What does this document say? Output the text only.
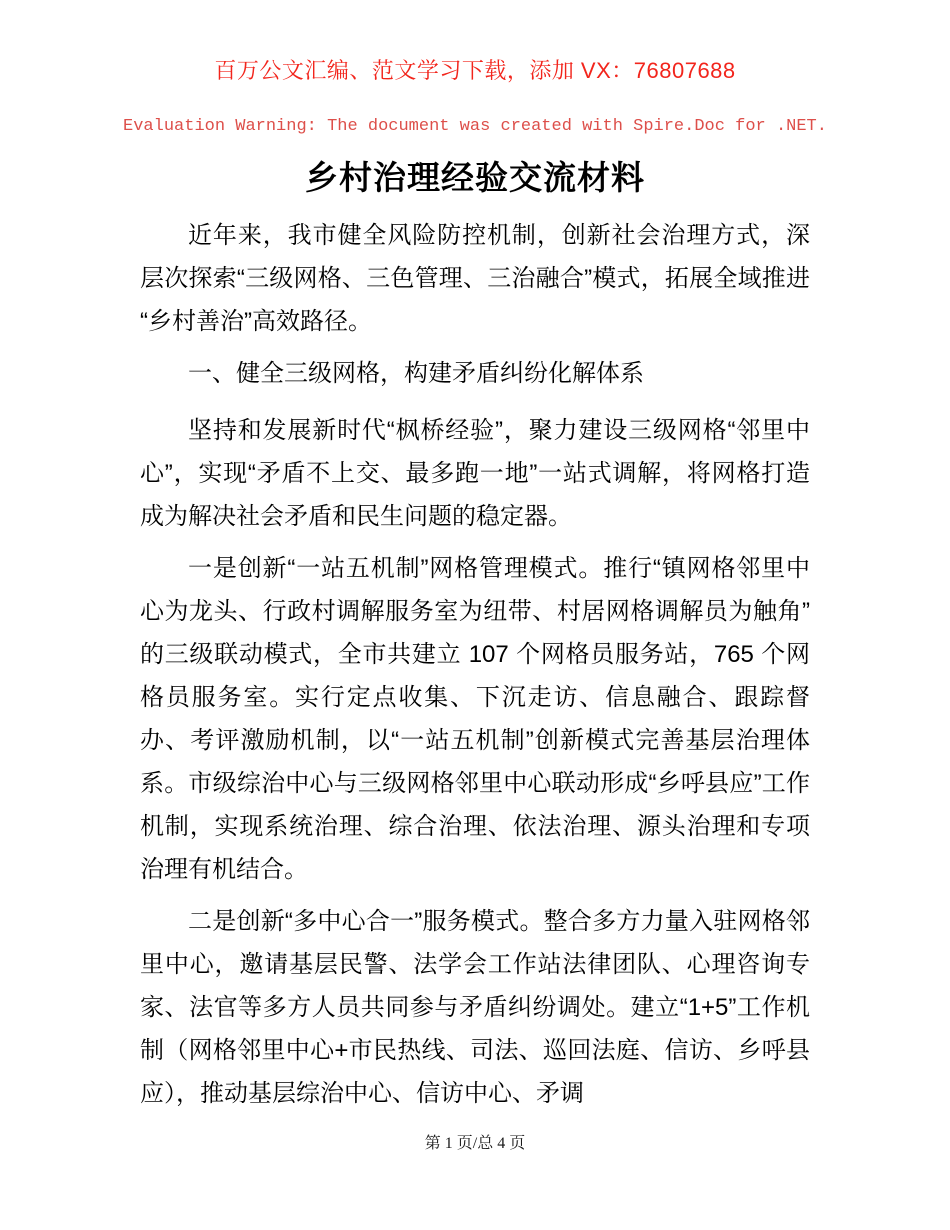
百万公文汇编、范文学习下载，添加 VX：76807688
Evaluation Warning: The document was created with Spire.Doc for .NET.
乡村治理经验交流材料

近年来，我市健全风险防控机制，创新社会治理方式，深层次探索“三级网格、三色管理、三治融合”模式，拓展全域推进“乡村善治”高效路径。

一、健全三级网格，构建矛盾纠纷化解体系

坚持和发展新时代“枫桥经验”，聚力建设三级网格“邻里中心”，实现“矛盾不上交、最多跑一地”一站式调解，将网格打造成为解决社会矛盾和民生问题的稳定器。

一是创新“一站五机制”网格管理模式。推行“镇网格邻里中心为龙头、行政村调解服务室为纽带、村居网格调解员为触角”的三级联动模式，全市共建立 107 个网格员服务站，765 个网格员服务室。实行定点收集、下沉走访、信息融合、跟踪督办、考评激励机制，以“一站五机制”创新模式完善基层治理体系。市级综治中心与三级网格邻里中心联动形成“乡呼县应”工作机制，实现系统治理、综合治理、依法治理、源头治理和专项治理有机结合。

二是创新“多中心合一”服务模式。整合多方力量入驻网格邻里中心，邀请基层民警、法学会工作站法律团队、心理咨询专家、法官等多方人员共同参与矛盾纠纷调处。建立“1+5”工作机制（网格邻里中心+市民热线、司法、巡回法庭、信访、乡呼县应），推动基层综治中心、信访中心、矛调

第 1 页/总 4 页
